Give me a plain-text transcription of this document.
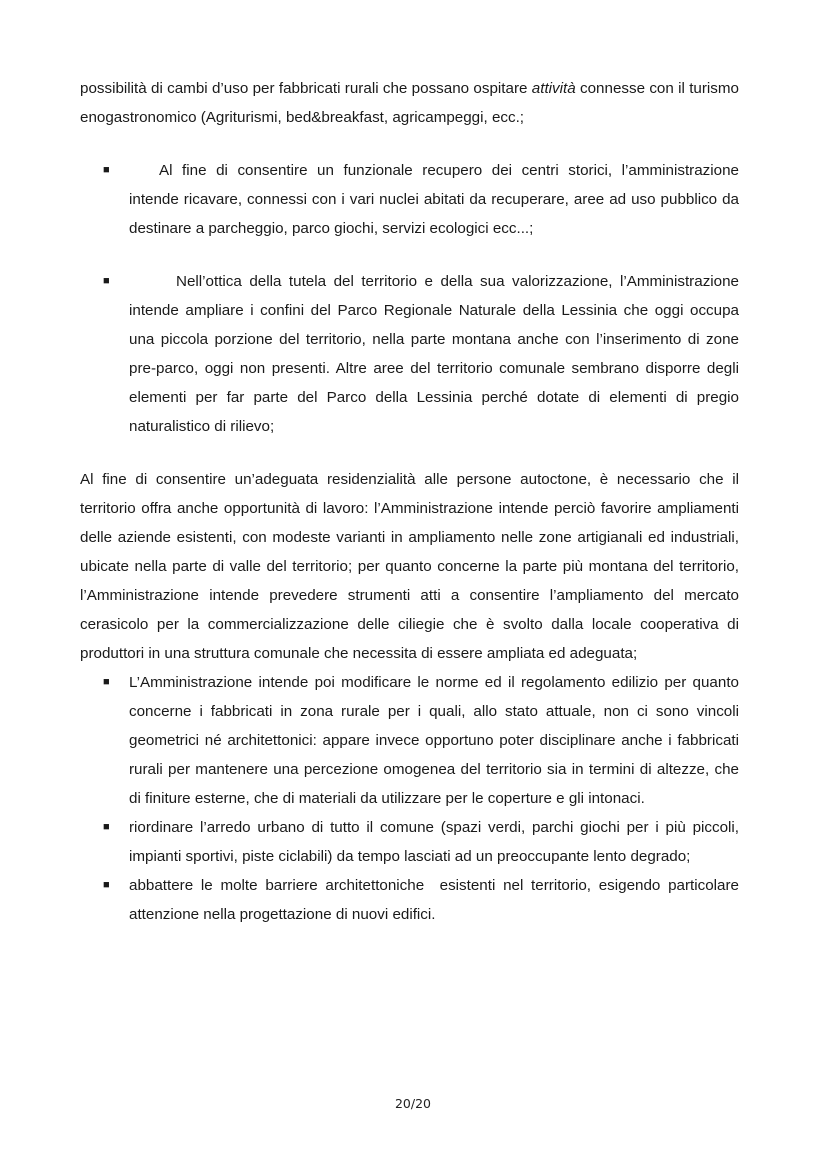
possibilità di cambi d’uso per fabbricati rurali che possano ospitare attività connesse con il turismo enogastronomico (Agriturismi, bed&breakfast, agricampeggi, ecc.;

■	Al fine di consentire un funzionale recupero dei centri storici, l’amministrazione intende ricavare, connessi con i vari nuclei abitati da recuperare, aree ad uso pubblico da destinare a parcheggio, parco giochi, servizi ecologici ecc...;

■	Nell’ottica della tutela del territorio e della sua valorizzazione, l’Amministrazione intende ampliare i confini del Parco Regionale Naturale della Lessinia che oggi occupa una piccola porzione del territorio, nella parte montana anche con l’inserimento di zone pre-parco, oggi non presenti. Altre aree del territorio comunale sembrano disporre degli elementi per far parte del Parco della Lessinia perché dotate di elementi di pregio naturalistico di rilievo;

Al fine di consentire un’adeguata residenzialità alle persone autoctone, è necessario che il territorio offra anche opportunità di lavoro: l’Amministrazione intende perciò favorire ampliamenti delle aziende esistenti, con modeste varianti in ampliamento nelle zone artigianali ed industriali, ubicate nella parte di valle del territorio; per quanto concerne la parte più montana del territorio, l’Amministrazione intende prevedere strumenti atti a consentire l’ampliamento del mercato cerasicolo per la commercializzazione delle ciliegie che è svolto dalla locale cooperativa di produttori in una struttura comunale che necessita di essere ampliata ed adeguata;

■ L’Amministrazione intende poi modificare le norme ed il regolamento edilizio per quanto concerne i fabbricati in zona rurale per i quali, allo stato attuale, non ci sono vincoli geometrici né architettonici: appare invece opportuno poter disciplinare anche i fabbricati rurali per mantenere una percezione omogenea del territorio sia in termini di altezze, che di finiture esterne, che di materiali da utilizzare per le coperture e gli intonaci.

■ riordinare l’arredo urbano di tutto il comune (spazi verdi, parchi giochi per i più piccoli, impianti sportivi, piste ciclabili) da tempo lasciati ad un preoccupante lento degrado;

■ abbattere le molte barriere architettoniche  esistenti nel territorio, esigendo particolare attenzione nella progettazione di nuovi edifici.

20/20
